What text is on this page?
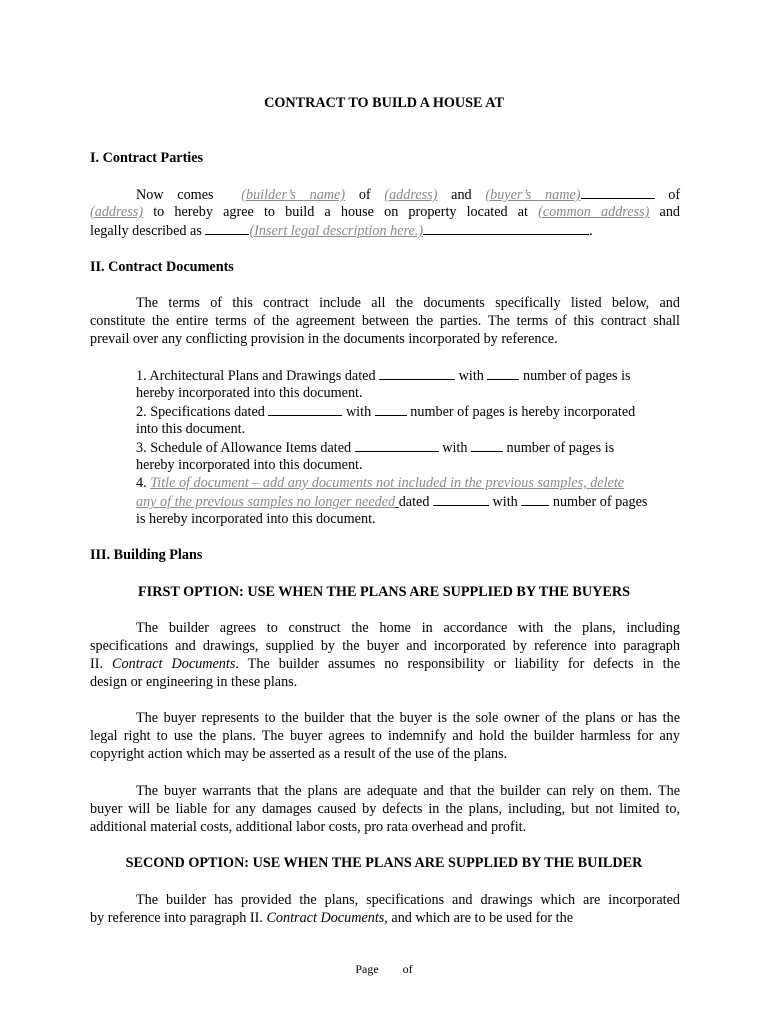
CONTRACT TO BUILD A HOUSE AT
I. Contract Parties
Now comes (builder’s name) of (address) and (buyer’s name)	of
(address) to hereby agree to build a house on property located at (common address) and
legally described as	(Insert legal description here.)	.
II. Contract Documents
The terms of this contract include all the documents specifically listed below, and
constitute the entire terms of the agreement between the parties. The terms of this contract shall
prevail over any conflicting provision in the documents incorporated by reference.
1. Architectural Plans and Drawings dated	with	number of pages is
hereby incorporated into this document.
2. Specifications dated	with	number of pages is hereby incorporated
into this document.
3. Schedule of Allowance Items dated	with	number of pages is
hereby incorporated into this document.
4. Title of document – add any documents not included in the previous samples, delete
any of the previous samples no longer needed dated	with number of pages
is hereby incorporated into this document.
III. Building Plans
FIRST OPTION: USE WHEN THE PLANS ARE SUPPLIED BY THE BUYERS
The builder agrees to construct the home in accordance with the plans, including
specifications and drawings, supplied by the buyer and incorporated by reference into paragraph
II. Contract Documents. The builder assumes no responsibility or liability for defects in the
design or engineering in these plans.
The buyer represents to the builder that the buyer is the sole owner of the plans or has the
legal right to use the plans. The buyer agrees to indemnify and hold the builder harmless for any
copyright action which may be asserted as a result of the use of the plans.
The buyer warrants that the plans are adequate and that the builder can rely on them. The
buyer will be liable for any damages caused by defects in the plans, including, but not limited to,
additional material costs, additional labor costs, pro rata overhead and profit.
SECOND OPTION: USE WHEN THE PLANS ARE SUPPLIED BY THE BUILDER
The builder has provided the plans, specifications and drawings which are incorporated
by reference into paragraph II. Contract Documents, and which are to be used for the
Page of
